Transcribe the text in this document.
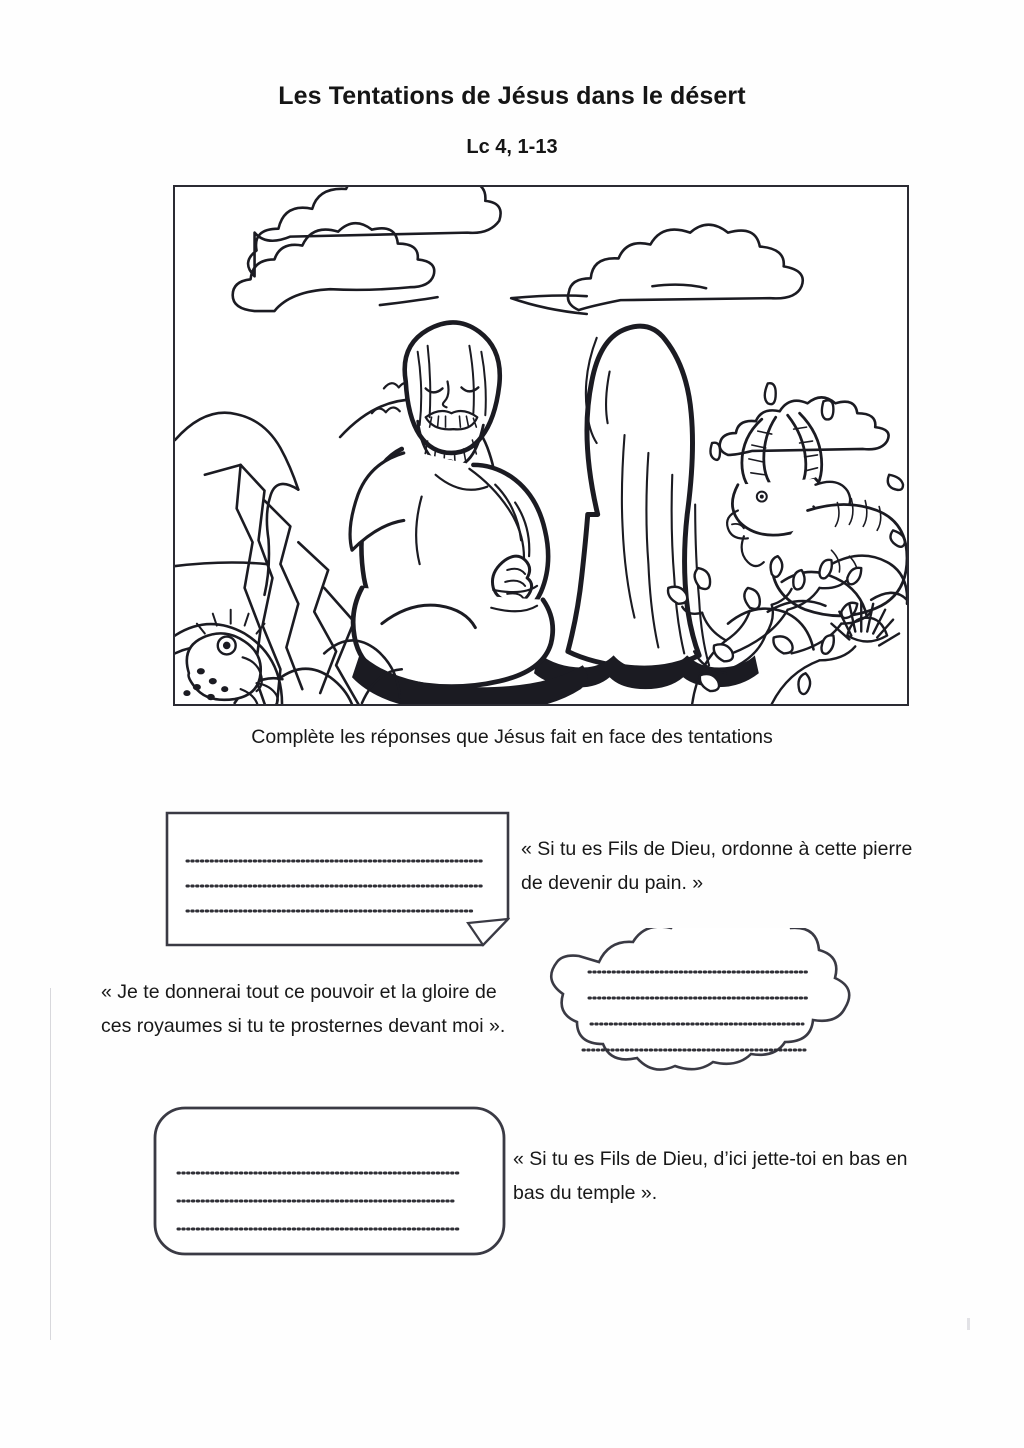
Les Tentations de Jésus dans le désert
Lc 4, 1-13
Complète les réponses que Jésus fait en face des tentations
« Si tu es Fils de Dieu, ordonne à cette pierre de devenir du pain. »
« Je te donnerai tout ce pouvoir et la gloire de ces royaumes si tu te prosternes devant moi ».
« Si tu es Fils de Dieu, d’ici jette-toi en bas en bas du temple ».
